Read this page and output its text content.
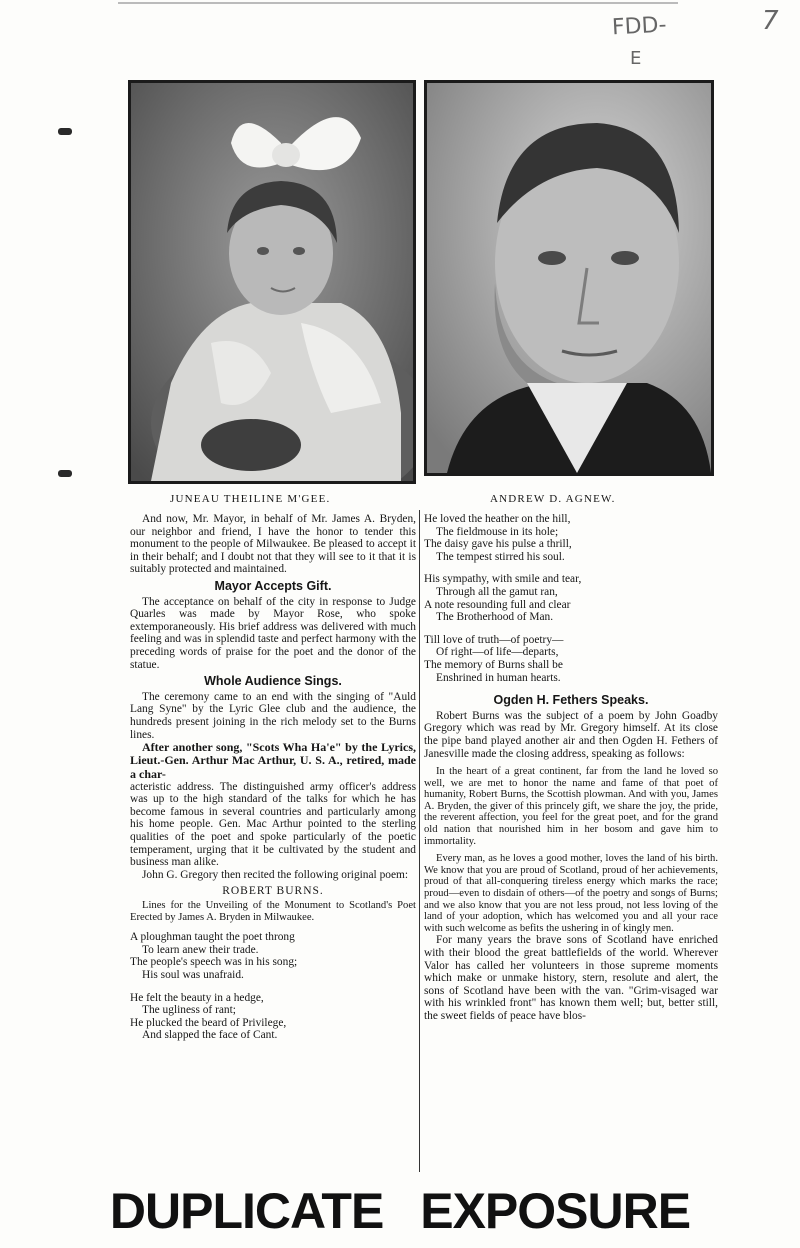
FDD-
E
7
JUNEAU THEILINE M'GEE.	ANDREW D. AGNEW.

And now, Mr. Mayor, in behalf of Mr. James A. Bryden, our neighbor and friend, I have the honor to tender this monument to the people of Milwaukee. Be pleased to accept it in their behalf; and I doubt not that they will see to it that it is suitably protected and maintained.

Mayor Accepts Gift.

The acceptance on behalf of the city in response to Judge Quarles was made by Mayor Rose, who spoke extemporaneously. His brief address was delivered with much feeling and was in splendid taste and perfect harmony with the preceding words of praise for the poet and the donor of the statue.

Whole Audience Sings.

The ceremony came to an end with the singing of "Auld Lang Syne" by the Lyric Glee club and the audience, the hundreds present joining in the rich melody set to the Burns lines.

After another song, "Scots Wha Ha'e" by the Lyrics, Lieut.-Gen. Arthur Mac Arthur, U. S. A., retired, made a char-

acteristic address. The distinguished army officer's address was up to the high standard of the talks for which he has become famous in several countries and particularly among his home people. Gen. Mac Arthur pointed to the sterling qualities of the poet and spoke particularly of the poetic temperament, urging that it be cultivated by the student and business man alike.

John G. Gregory then recited the following original poem:

ROBERT BURNS.

Lines for the Unveiling of the Monument to Scotland's Poet Erected by James A. Bryden in Milwaukee.

A ploughman taught the poet throng
To learn anew their trade.
The people's speech was in his song;
His soul was unafraid.
He felt the beauty in a hedge,
The ugliness of rant;
He plucked the beard of Privilege,
And slapped the face of Cant.
He loved the heather on the hill,
The fieldmouse in its hole;
The daisy gave his pulse a thrill,
The tempest stirred his soul.
His sympathy, with smile and tear,
Through all the gamut ran,
A note resounding full and clear
The Brotherhood of Man.
Till love of truth—of poetry—
Of right—of life—departs,
The memory of Burns shall be
Enshrined in human hearts.
Ogden H. Fethers Speaks.

Robert Burns was the subject of a poem by John Goadby Gregory which was read by Mr. Gregory himself. At its close the pipe band played another air and then Ogden H. Fethers of Janesville made the closing address, speaking as follows:

In the heart of a great continent, far from the land he loved so well, we are met to honor the name and fame of that poet of humanity, Robert Burns, the Scottish plowman. And with you, James A. Bryden, the giver of this princely gift, we share the joy, the pride, the reverent affection, you feel for the great poet, and for the grand old nation that nourished him in her bosom and gave him to immortality.

Every man, as he loves a good mother, loves the land of his birth. We know that you are proud of Scotland, proud of her achievements, proud of that all-conquering tireless energy which marks the race; proud—even to disdain of others—of the poetry and songs of Burns; and we also know that you are not less proud, not less loving of the land of your adoption, which has welcomed you and all your race with such welcome as befits the ushering in of kingly men.

For many years the brave sons of Scotland have enriched with their blood the great battlefields of the world. Wherever Valor has called her volunteers in those supreme moments which make or unmake history, stern, resolute and alert, the sons of Scotland have been with the van. "Grim-visaged war with his wrinkled front" has known them well; but, better still, the sweet fields of peace have blos-

DUPLICATE EXPOSURE
